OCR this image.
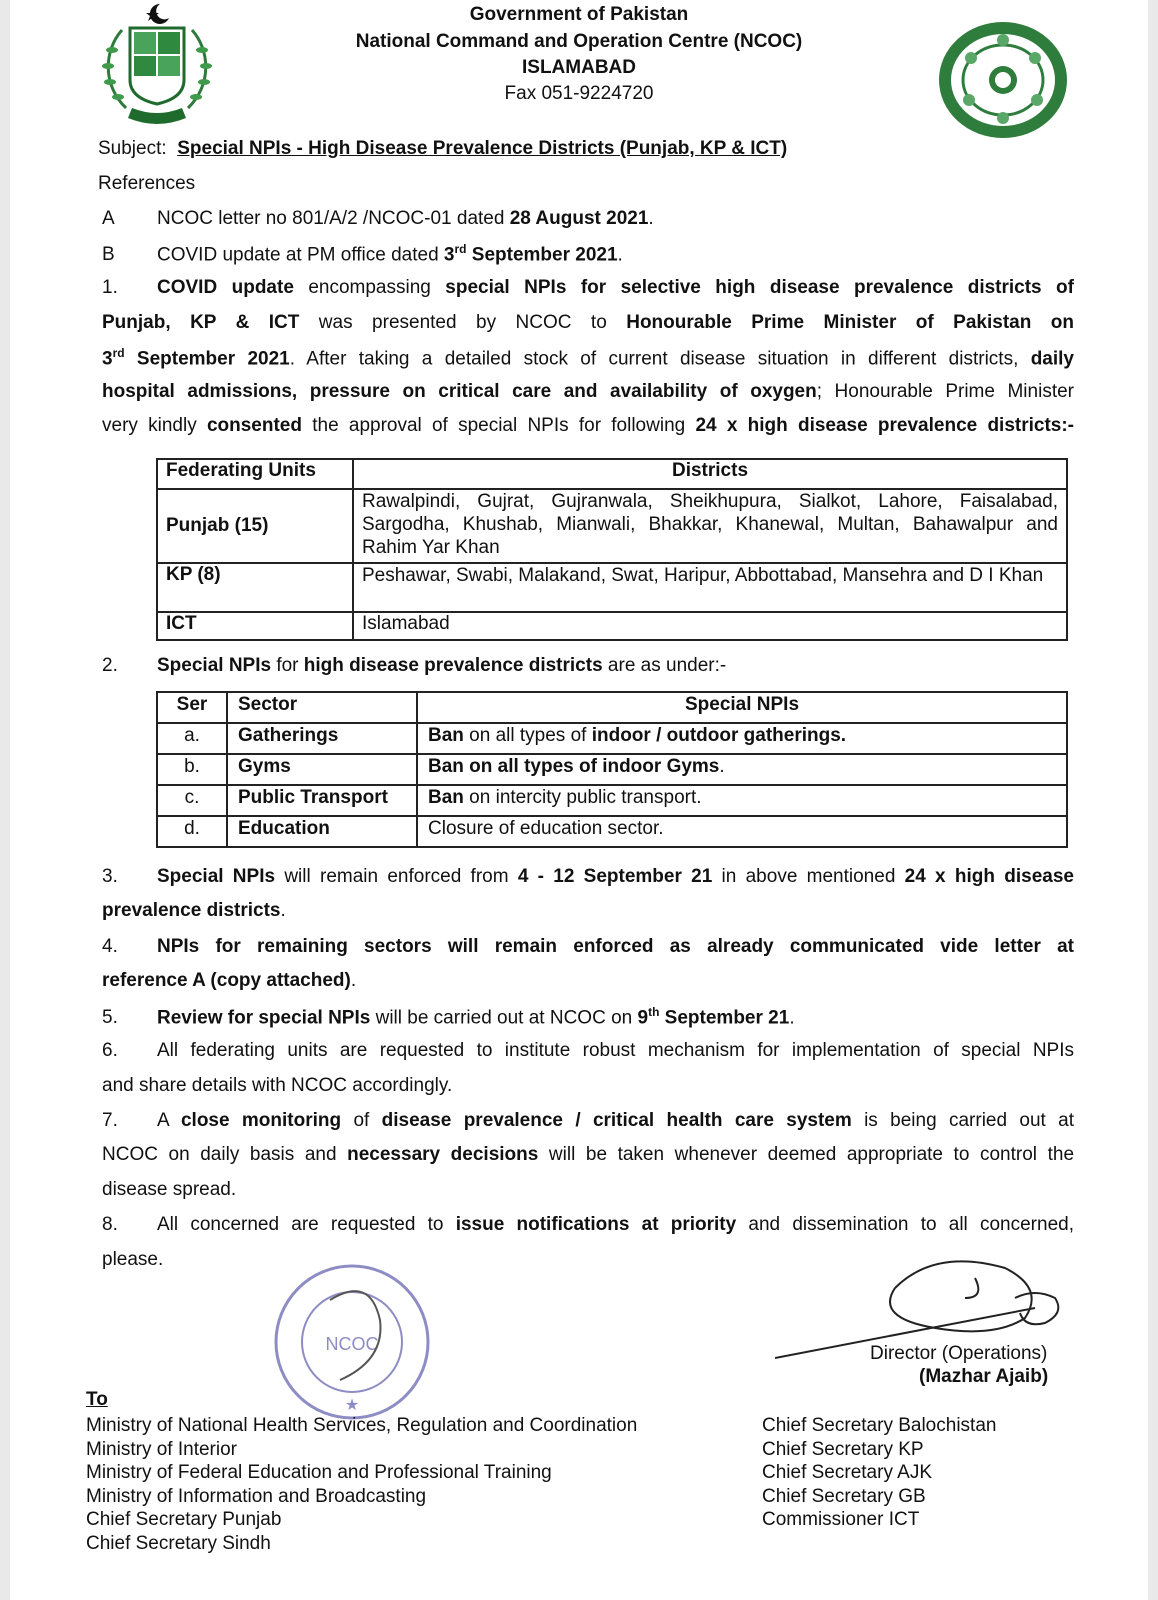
Government of Pakistan
National Command and Operation Centre (NCOC)
ISLAMABAD
Fax 051-9224720
Subject: Special NPIs - High Disease Prevalence Districts (Punjab, KP & ICT)
References
A NCOC letter no 801/A/2 /NCOC-01 dated 28 August 2021.
B COVID update at PM office dated 3rd September 2021.
1. COVID update encompassing special NPIs for selective high disease prevalence districts of
Punjab, KP & ICT was presented by NCOC to Honourable Prime Minister of Pakistan on
3rd September 2021. After taking a detailed stock of current disease situation in different districts, daily
hospital admissions, pressure on critical care and availability of oxygen; Honourable Prime Minister
very kindly consented the approval of special NPIs for following 24 x high disease prevalence districts:-
Federating Units	Districts
Punjab (15)	Rawalpindi, Gujrat, Gujranwala, Sheikhupura, Sialkot, Lahore, Faisalabad, Sargodha, Khushab, Mianwali, Bhakkar, Khanewal, Multan, Bahawalpur and Rahim Yar Khan
KP (8)	Peshawar, Swabi, Malakand, Swat, Haripur, Abbottabad, Mansehra and D I Khan
ICT	Islamabad
2. Special NPIs for high disease prevalence districts are as under:-
Ser	Sector	Special NPIs
a.	Gatherings	Ban on all types of indoor / outdoor gatherings.
b.	Gyms	Ban on all types of indoor Gyms.
c.	Public Transport	Ban on intercity public transport.
d.	Education	Closure of education sector.
3. Special NPIs will remain enforced from 4 - 12 September 21 in above mentioned 24 x high disease
prevalence districts.
4. NPIs for remaining sectors will remain enforced as already communicated vide letter at
reference A (copy attached).
5. Review for special NPIs will be carried out at NCOC on 9th September 21.
6. All federating units are requested to institute robust mechanism for implementation of special NPIs
and share details with NCOC accordingly.
7. A close monitoring of disease prevalence / critical health care system is being carried out at
NCOC on daily basis and necessary decisions will be taken whenever deemed appropriate to control the
disease spread.
8. All concerned are requested to issue notifications at priority and dissemination to all concerned,
please.
NCOC
★
Director (Operations)
(Mazhar Ajaib)
To
Ministry of National Health Services, Regulation and Coordination
Ministry of Interior
Ministry of Federal Education and Professional Training
Ministry of Information and Broadcasting
Chief Secretary Punjab
Chief Secretary Sindh
Chief Secretary Balochistan
Chief Secretary KP
Chief Secretary AJK
Chief Secretary GB
Commissioner ICT
